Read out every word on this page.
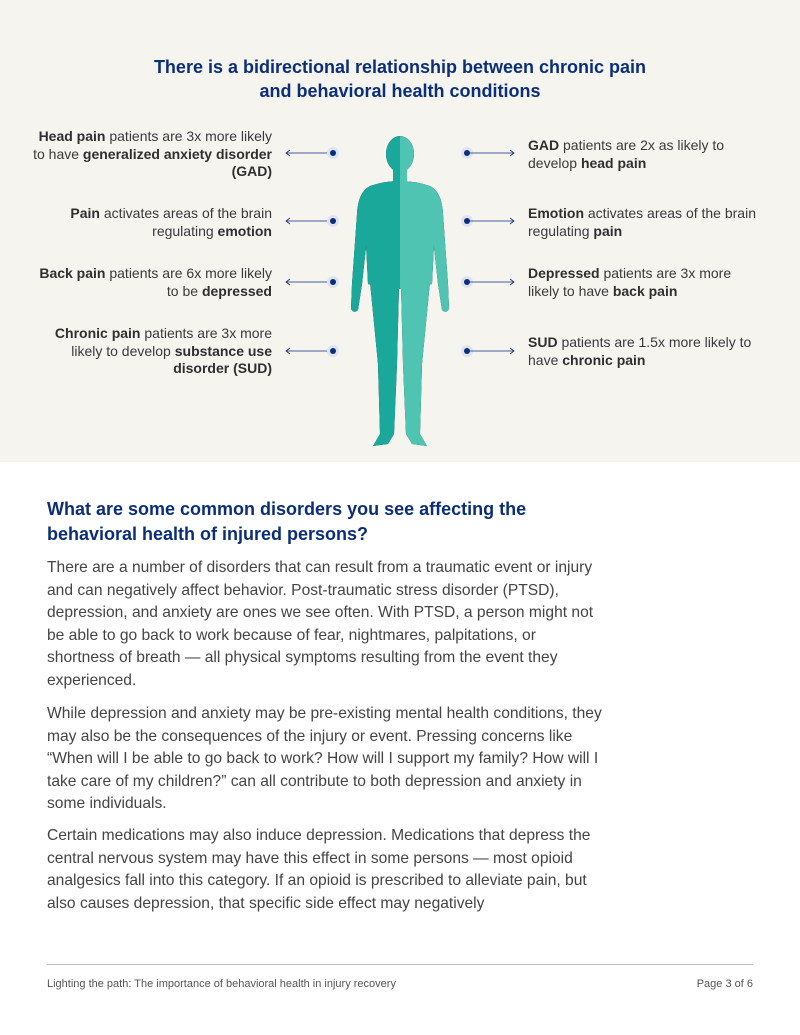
There is a bidirectional relationship between chronic pain
and behavioral health conditions
Head pain patients are 3x more likely to have generalized anxiety disorder (GAD)
Pain activates areas of the brain regulating emotion
Back pain patients are 6x more likely to be depressed
Chronic pain patients are 3x more likely to develop substance use disorder (SUD)
GAD patients are 2x as likely to develop head pain
Emotion activates areas of the brain regulating pain
Depressed patients are 3x more likely to have back pain
SUD patients are 1.5x more likely to have chronic pain
What are some common disorders you see affecting the
behavioral health of injured persons?

There are a number of disorders that can result from a traumatic event or injury and can negatively affect behavior. Post-traumatic stress disorder (PTSD), depression, and anxiety are ones we see often. With PTSD, a person might not be able to go back to work because of fear, nightmares, palpitations, or shortness of breath — all physical symptoms resulting from the event they experienced.

While depression and anxiety may be pre-existing mental health conditions, they may also be the consequences of the injury or event. Pressing concerns like “When will I be able to go back to work? How will I support my family? How will I take care of my children?” can all contribute to both depression and anxiety in some individuals.

Certain medications may also induce depression. Medications that depress the central nervous system may have this effect in some persons — most opioid analgesics fall into this category. If an opioid is prescribed to alleviate pain, but also causes depression, that specific side effect may negatively

Lighting the path: The importance of behavioral health in injury recovery	Page 3 of 6
